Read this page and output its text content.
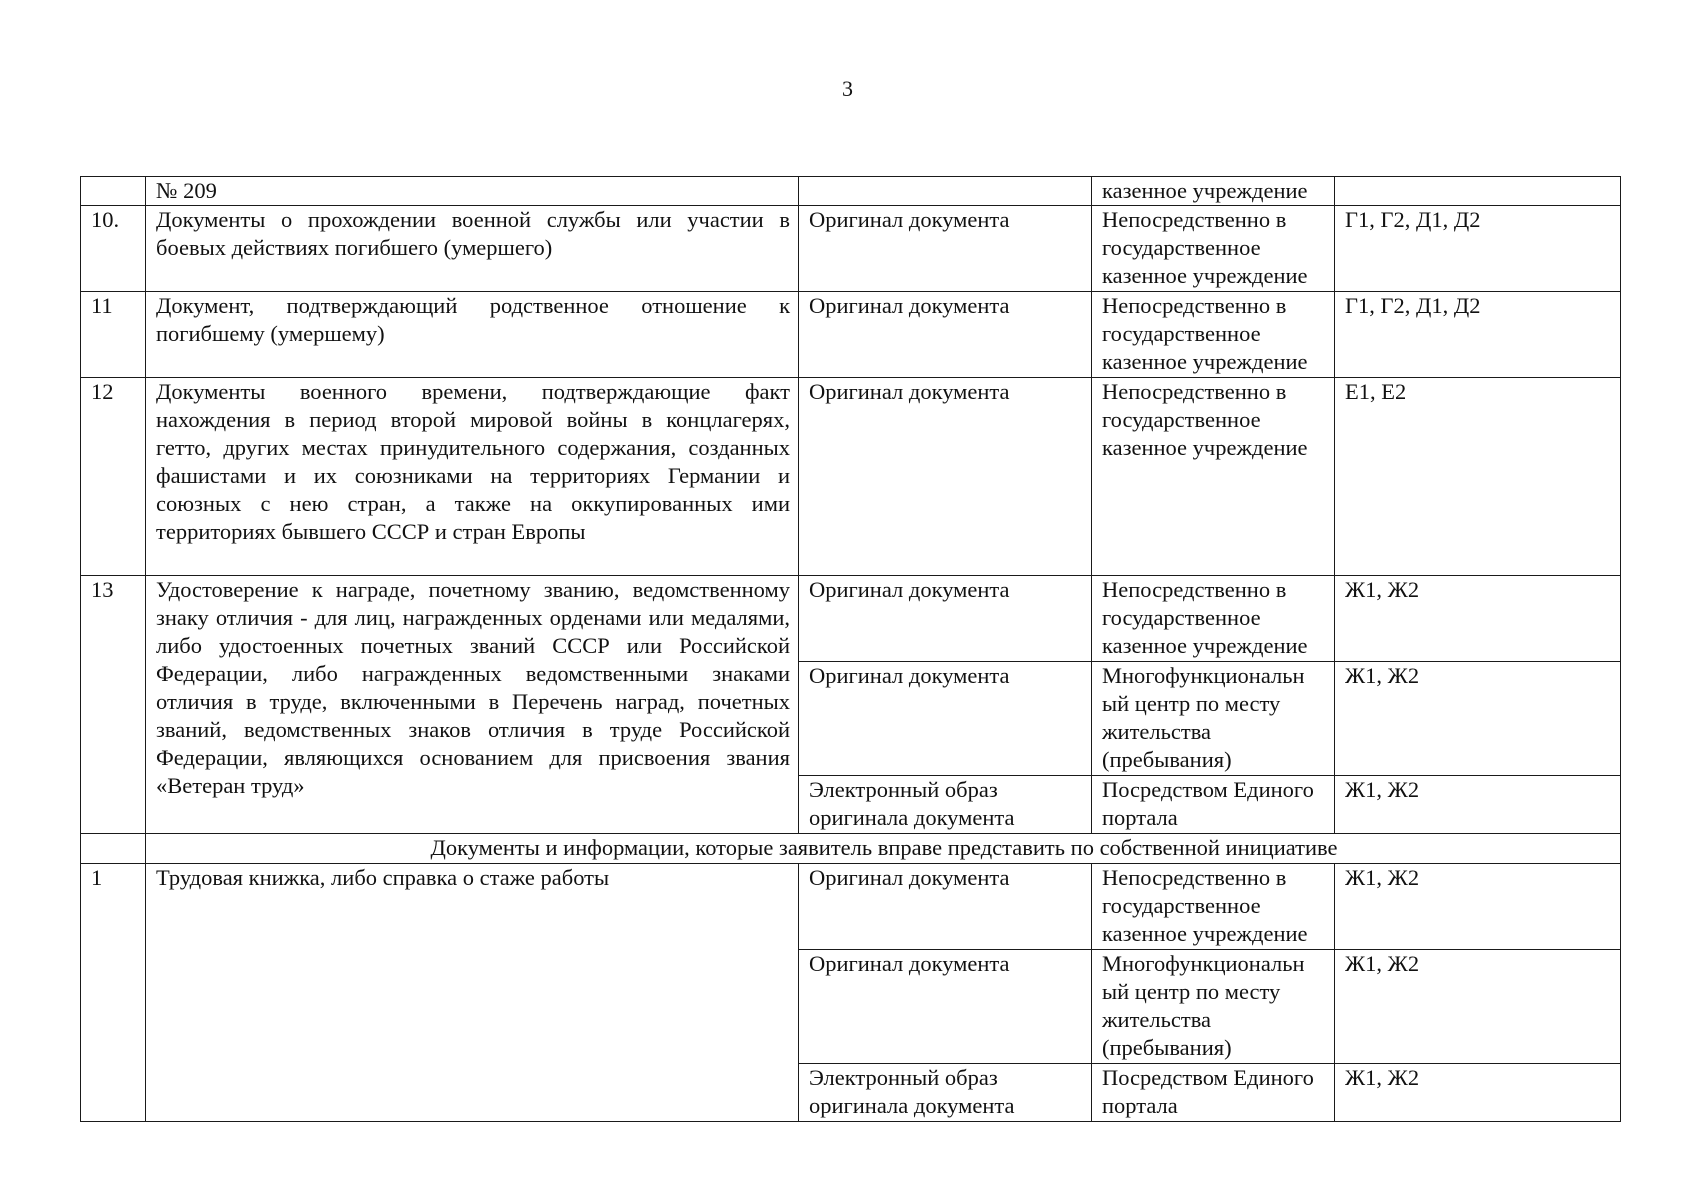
3
	№ 209		казенное учреждение	
10.	Документы о прохождении военной службы или участии в боевых действиях погибшего (умершего)	Оригинал документа	Непосредственно в государственное казенное учреждение	Г1, Г2, Д1, Д2
11	Документ, подтверждающий родственное отношение к погибшему (умершему)	Оригинал документа	Непосредственно в государственное казенное учреждение	Г1, Г2, Д1, Д2
12	Документы военного времени, подтверждающие факт нахождения в период второй мировой войны в концлагерях, гетто, других местах принудительного содержания, созданных фашистами и их союзниками на территориях Германии и союзных с нею стран, а также на оккупированных ими территориях бывшего СССР и стран Европы	Оригинал документа	Непосредственно в государственное казенное учреждение	Е1, Е2
13	Удостоверение к награде, почетному званию, ведомственному знаку отличия - для лиц, награжденных орденами или медалями, либо удостоенных почетных званий СССР или Российской Федерации, либо награжденных ведомственными знаками отличия в труде, включенными в Перечень наград, почетных званий, ведомственных знаков отличия в труде Российской Федерации, являющихся основанием для присвоения звания «Ветеран труд»	Оригинал документа	Непосредственно в государственное казенное учреждение	Ж1, Ж2
		Оригинал документа	Многофункциональн ый центр по месту жительства (пребывания)	Ж1, Ж2
		Электронный образ оригинала документа	Посредством Единого портала	Ж1, Ж2
	Документы и информации, которые заявитель вправе представить по собственной инициативе			
1	Трудовая книжка, либо справка о стаже работы	Оригинал документа	Непосредственно в государственное казенное учреждение	Ж1, Ж2
		Оригинал документа	Многофункциональн ый центр по месту жительства (пребывания)	Ж1, Ж2
		Электронный образ оригинала документа	Посредством Единого портала	Ж1, Ж2
